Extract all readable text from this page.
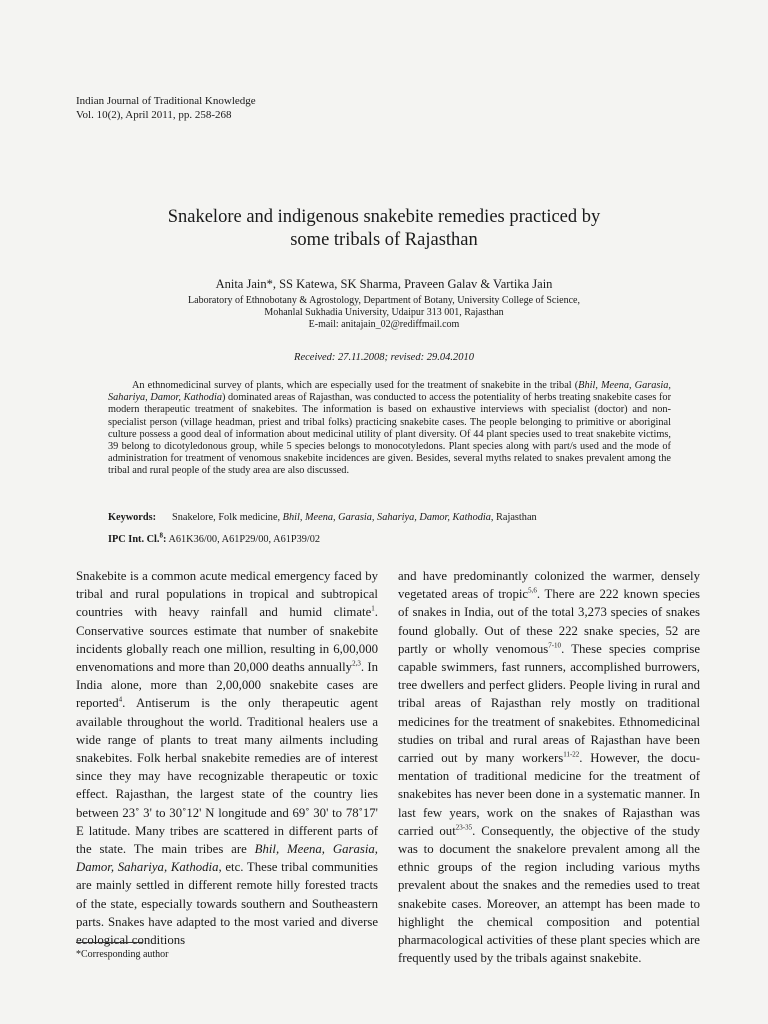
Indian Journal of Traditional Knowledge
Vol. 10(2), April 2011, pp. 258-268
Snakelore and indigenous snakebite remedies practiced by
some tribals of Rajasthan
Anita Jain*, SS Katewa, SK Sharma, Praveen Galav & Vartika Jain
Laboratory of Ethnobotany & Agrostology, Department of Botany, University College of Science,
Mohanlal Sukhadia University, Udaipur 313 001, Rajasthan
E-mail: anitajain_02@rediffmail.com
Received: 27.11.2008; revised: 29.04.2010
An ethnomedicinal survey of plants, which are especially used for the treatment of snakebite in the tribal (Bhil, Meena, Garasia, Sahariya, Damor, Kathodia) dominated areas of Rajasthan, was conducted to access the potentiality of herbs treating snakebite cases for modern therapeutic treatment of snakebites. The information is based on exhaustive interviews with specialist (doctor) and non-specialist person (village headman, priest and tribal folks) practicing snakebite cases. The people belonging to primitive or aboriginal culture possess a good deal of information about medicinal utility of plant diversity. Of 44 plant species used to treat snakebite victims, 39 belong to dicotyledonous group, while 5 species belongs to monocotyledons. Plant species along with part/s used and the mode of administration for treatment of venomous snakebite incidences are given. Besides, several myths related to snakes prevalent among the tribal and rural people of the study area are also discussed.
Keywords: Snakelore, Folk medicine, Bhil, Meena, Garasia, Sahariya, Damor, Kathodia, Rajasthan
IPC Int. Cl.$^8$: A61K36/00, A61P29/00, A61P39/02

Snakebite is a common acute medical emergency faced by tribal and rural populations in tropical and subtropical countries with heavy rainfall and humid climate$^1$. Conservative sources estimate that number of snakebite incidents globally reach one million, resulting in 6,00,000 envenomations and more than 20,000 deaths annually$^{2,3}$. In India alone, more than 2,00,000 snakebite cases are reported$^4$. Antiserum is the only therapeutic agent available throughout the world. Traditional healers use a wide range of plants to treat many ailments including snakebites. Folk herbal snakebite remedies are of interest since they may have recognizable therapeutic or toxic effect. Rajasthan, the largest state of the country lies between 23˚ 3' to 30˚12' N longitude and 69˚ 30' to 78˚17' E latitude. Many tribes are scattered in different parts of the state. The main tribes are Bhil, Meena, Garasia, Damor, Sahariya, Kathodia, etc. These tribal communities are mainly settled in different remote hilly forested tracts of the state, especially towards southern and Southeastern parts. Snakes have adapted to the most varied and diverse ecological conditions

and have predominantly colonized the warmer, densely vegetated areas of tropic$^{5,6}$. There are 222 known species of snakes in India, out of the total 3,273 species of snakes found globally. Out of these 222 snake species, 52 are partly or wholly venomous$^{7-10}$. These species comprise capable swimmers, fast runners, accomplished burrowers, tree dwellers and perfect gliders. People living in rural and tribal areas of Rajasthan rely mostly on traditional medicines for the treatment of snakebites. Ethnomedicinal studies on tribal and rural areas of Rajasthan have been carried out by many workers$^{11-22}$. However, the docu-mentation of traditional medicine for the treatment of snakebites has never been done in a systematic manner. In last few years, work on the snakes of Rajasthan was carried out$^{23-35}$. Consequently, the objective of the study was to document the snakelore prevalent among all the ethnic groups of the region including various myths prevalent about the snakes and the remedies used to treat snakebite cases. Moreover, an attempt has been made to highlight the chemical composition and potential pharmacological activities of these plant species which are frequently used by the tribals against snakebite.

*Corresponding author
